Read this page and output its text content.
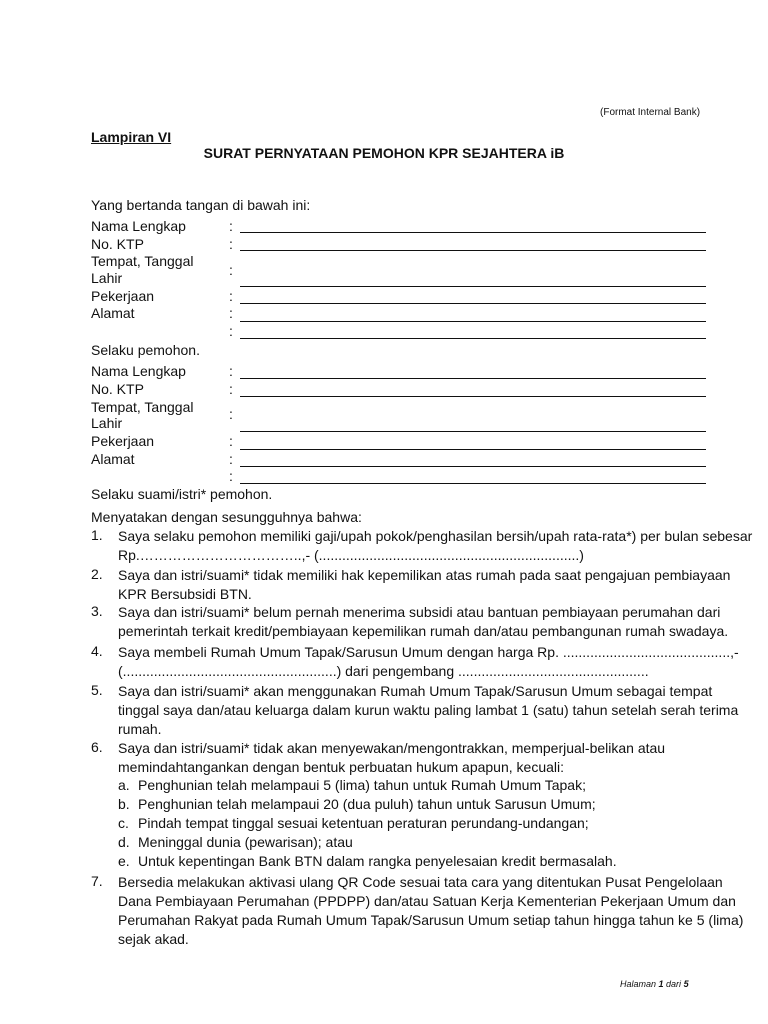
(Format Internal Bank)
Lampiran VI
SURAT PERNYATAAN PEMOHON KPR SEJAHTERA iB
Yang bertanda tangan di bawah ini:
Nama Lengkap	:
No. KTP	:
Tempat, Tanggal
Lahir	:
Pekerjaan	:
Alamat	:
:
Selaku pemohon.
Nama Lengkap	:
No. KTP	:
Tempat, Tanggal
Lahir
:
Pekerjaan	:
Alamat	:
:
Selaku suami/istri* pemohon.
Menyatakan dengan sesungguhnya bahwa:
1. Saya selaku pemohon memiliki gaji/upah pokok/penghasilan bersih/upah rata-rata*) per bulan sebesar
Rp.……………………………..,- (...................................................................)
2. Saya dan istri/suami* tidak memiliki hak kepemilikan atas rumah pada saat pengajuan pembiayaan
KPR Bersubsidi BTN.
3. Saya dan istri/suami* belum pernah menerima subsidi atau bantuan pembiayaan perumahan dari
pemerintah terkait kredit/pembiayaan kepemilikan rumah dan/atau pembangunan rumah swadaya.
4. Saya membeli Rumah Umum Tapak/Sarusun Umum dengan harga Rp. ...........................................,-
(.......................................................) dari pengembang .................................................
5. Saya dan istri/suami* akan menggunakan Rumah Umum Tapak/Sarusun Umum sebagai tempat
tinggal saya dan/atau keluarga dalam kurun waktu paling lambat 1 (satu) tahun setelah serah terima
rumah.
6. Saya dan istri/suami* tidak akan menyewakan/mengontrakkan, memperjual-belikan atau
memindahtangankan dengan bentuk perbuatan hukum apapun, kecuali:
a. Penghunian telah melampaui 5 (lima) tahun untuk Rumah Umum Tapak;
b. Penghunian telah melampaui 20 (dua puluh) tahun untuk Sarusun Umum;
c. Pindah tempat tinggal sesuai ketentuan peraturan perundang-undangan;
d. Meninggal dunia (pewarisan); atau
e. Untuk kepentingan Bank BTN dalam rangka penyelesaian kredit bermasalah.
7. Bersedia melakukan aktivasi ulang QR Code sesuai tata cara yang ditentukan Pusat Pengelolaan
Dana Pembiayaan Perumahan (PPDPP) dan/atau Satuan Kerja Kementerian Pekerjaan Umum dan
Perumahan Rakyat pada Rumah Umum Tapak/Sarusun Umum setiap tahun hingga tahun ke 5 (lima)
sejak akad.
Halaman 1 dari 5
